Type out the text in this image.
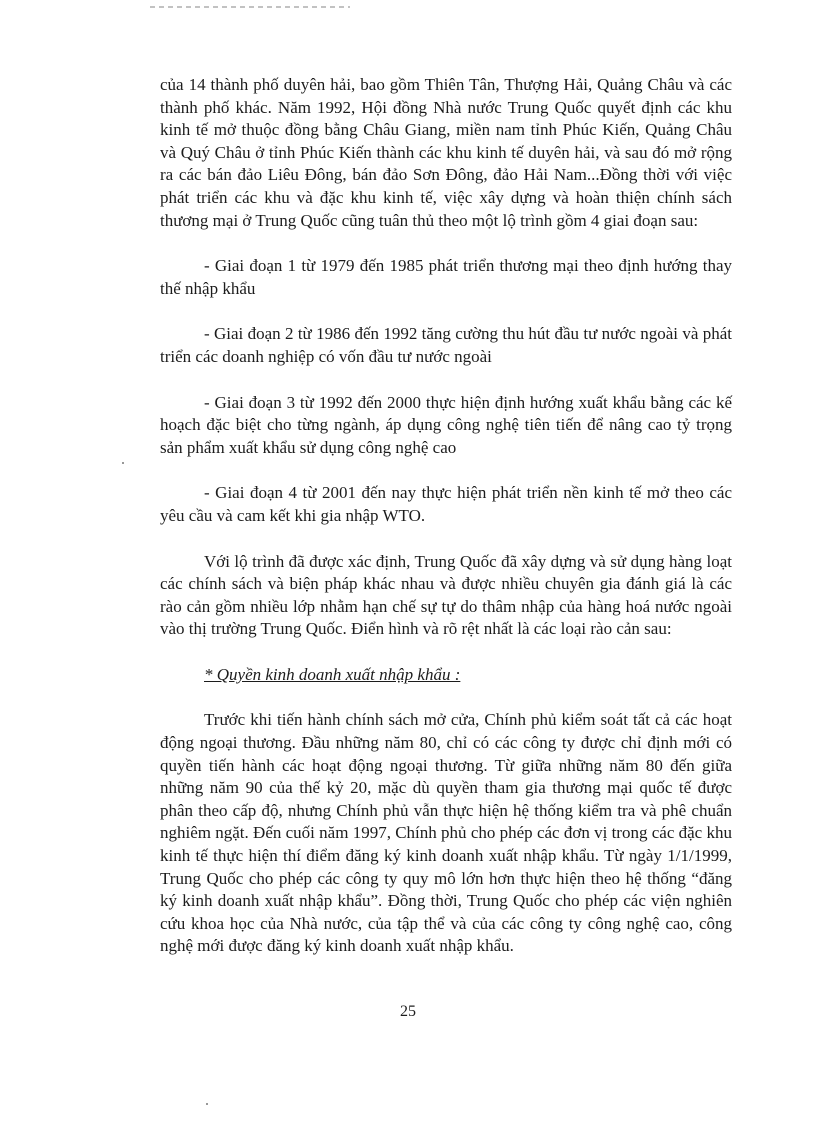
của 14 thành phố duyên hải, bao gồm Thiên Tân, Thượng Hải, Quảng Châu và các thành phố khác. Năm 1992, Hội đồng Nhà nước Trung Quốc quyết định các khu kinh tế mở thuộc đồng bằng Châu Giang, miền nam tỉnh Phúc Kiến, Quảng Châu và Quý Châu ở tỉnh Phúc Kiến thành các khu kinh tế duyên hải, và sau đó mở rộng ra các bán đảo Liêu Đông, bán đảo Sơn Đông, đảo Hải Nam...Đồng thời với việc phát triển các khu và đặc khu kinh tế, việc xây dựng và hoàn thiện chính sách thương mại ở Trung Quốc cũng tuân thủ theo một lộ trình gồm 4 giai đoạn sau:

- Giai đoạn 1 từ 1979 đến 1985 phát triển thương mại theo định hướng thay thế nhập khẩu

- Giai đoạn 2 từ 1986 đến 1992 tăng cường thu hút đầu tư nước ngoài và phát triển các doanh nghiệp có vốn đầu tư nước ngoài

- Giai đoạn 3 từ 1992 đến 2000 thực hiện định hướng xuất khẩu bằng các kế hoạch đặc biệt cho từng ngành, áp dụng công nghệ tiên tiến để nâng cao tỷ trọng sản phẩm xuất khẩu sử dụng công nghệ cao

- Giai đoạn 4 từ 2001 đến nay thực hiện phát triển nền kinh tế mở theo các yêu cầu và cam kết khi gia nhập WTO.

Với lộ trình đã được xác định, Trung Quốc đã xây dựng và sử dụng hàng loạt các chính sách và biện pháp khác nhau và được nhiều chuyên gia đánh giá là các rào cản gồm nhiều lớp nhằm hạn chế sự tự do thâm nhập của hàng hoá nước ngoài vào thị trường Trung Quốc. Điển hình và rõ rệt nhất là các loại rào cản sau:

* Quyền kinh doanh xuất nhập khẩu :

Trước khi tiến hành chính sách mở cửa, Chính phủ kiểm soát tất cả các hoạt động ngoại thương. Đầu những năm 80, chỉ có các công ty được chỉ định mới có quyền tiến hành các hoạt động ngoại thương. Từ giữa những năm 80 đến giữa những năm 90 của thế kỷ 20, mặc dù quyền tham gia thương mại quốc tế được phân theo cấp độ, nhưng Chính phủ vẫn thực hiện hệ thống kiểm tra và phê chuẩn nghiêm ngặt. Đến cuối năm 1997, Chính phủ cho phép các đơn vị trong các đặc khu kinh tế thực hiện thí điểm đăng ký kinh doanh xuất nhập khẩu. Từ ngày 1/1/1999, Trung Quốc cho phép các công ty quy mô lớn hơn thực hiện theo hệ thống “đăng ký kinh doanh xuất nhập khẩu”. Đồng thời, Trung Quốc cho phép các viện nghiên cứu khoa học của Nhà nước, của tập thể và của các công ty công nghệ cao, công nghệ mới được đăng ký kinh doanh xuất nhập khẩu.

25
